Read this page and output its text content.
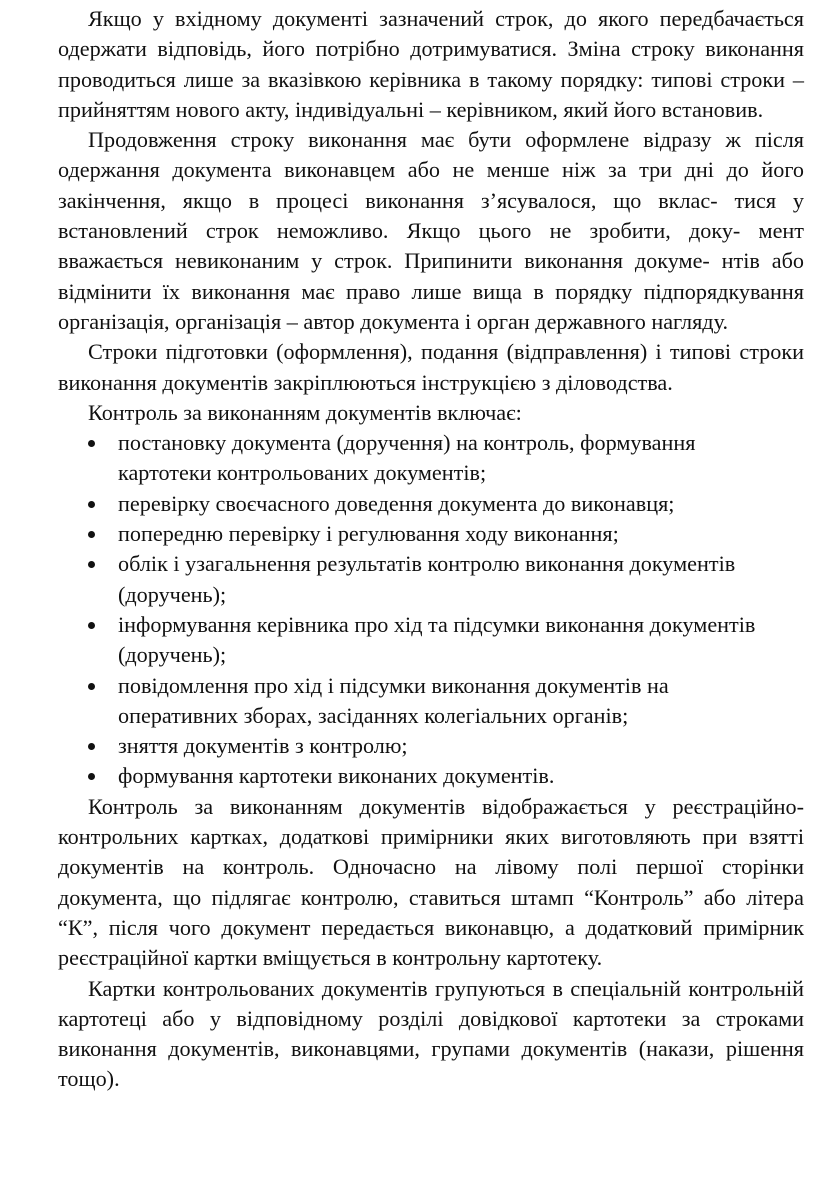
Якщо у вхідному документі зазначений строк, до якого передбачається одержати відповідь, його потрібно дотримуватися. Зміна строку виконання проводиться лише за вказівкою керівника в такому порядку: типові строки – прийняттям нового акту, індивідуальні – керівником, який його встановив.

Продовження строку виконання має бути оформлене відразу ж після одержання документа виконавцем або не менше ніж за три дні до його закінчення, якщо в процесі виконання з’ясувалося, що вклас- тися у встановлений строк неможливо. Якщо цього не зробити, доку- мент вважається невиконаним у строк. Припинити виконання докуме- нтів або відмінити їх виконання має право лише вища в порядку підпорядкування організація, організація – автор документа і орган державного нагляду.

Строки підготовки (оформлення), подання (відправлення) і типові строки виконання документів закріплюються інструкцією з діловодства.

Контроль за виконанням документів включає:

постановку документа (доручення) на контроль, формування картотеки контрольованих документів;
перевірку своєчасного доведення документа до виконавця;
попередню перевірку і регулювання ходу виконання;
облік і узагальнення результатів контролю виконання документів (доручень);
інформування керівника про хід та підсумки виконання документів (доручень);
повідомлення про хід і підсумки виконання документів на оперативних зборах, засіданнях колегіальних органів;
зняття документів з контролю;
формування картотеки виконаних документів.

Контроль за виконанням документів відображається у реєстраційно-контрольних картках, додаткові примірники яких виготовляють при взятті документів на контроль. Одночасно на лівому полі першої сторінки документа, що підлягає контролю, ставиться штамп “Контроль” або літера “К”, після чого документ передається виконавцю, а додатковий примірник реєстраційної картки вміщується в контрольну картотеку.

Картки контрольованих документів групуються в спеціальній контрольній картотеці або у відповідному розділі довідкової картотеки за строками виконання документів, виконавцями, групами документів (накази, рішення тощо).
